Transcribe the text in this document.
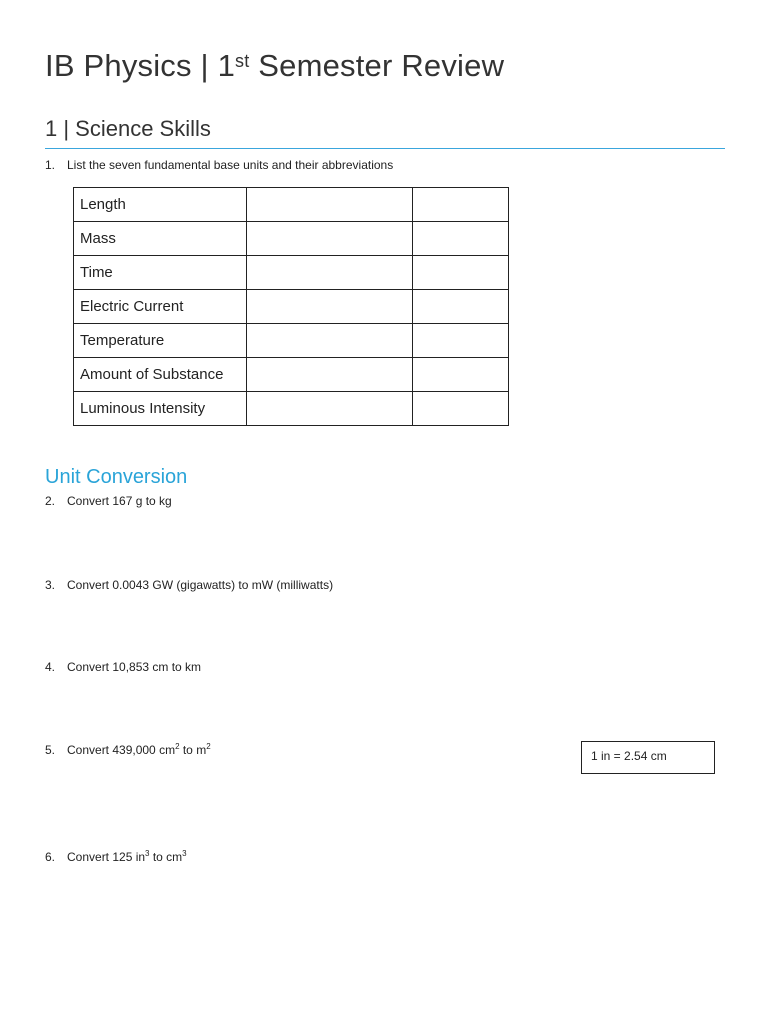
IB Physics | 1st Semester Review
1 | Science Skills
1. List the seven fundamental base units and their abbreviations
Length		
Mass		
Time		
Electric Current		
Temperature		
Amount of Substance		
Luminous Intensity		
Unit Conversion
2. Convert 167 g to kg
3. Convert 0.0043 GW (gigawatts) to mW (milliwatts)
4. Convert 10,853 cm to km
5. Convert 439,000 $cm^2$ to $m^2$
1 in = 2.54 cm
6. Convert 125 $in^3$ to $cm^3$
